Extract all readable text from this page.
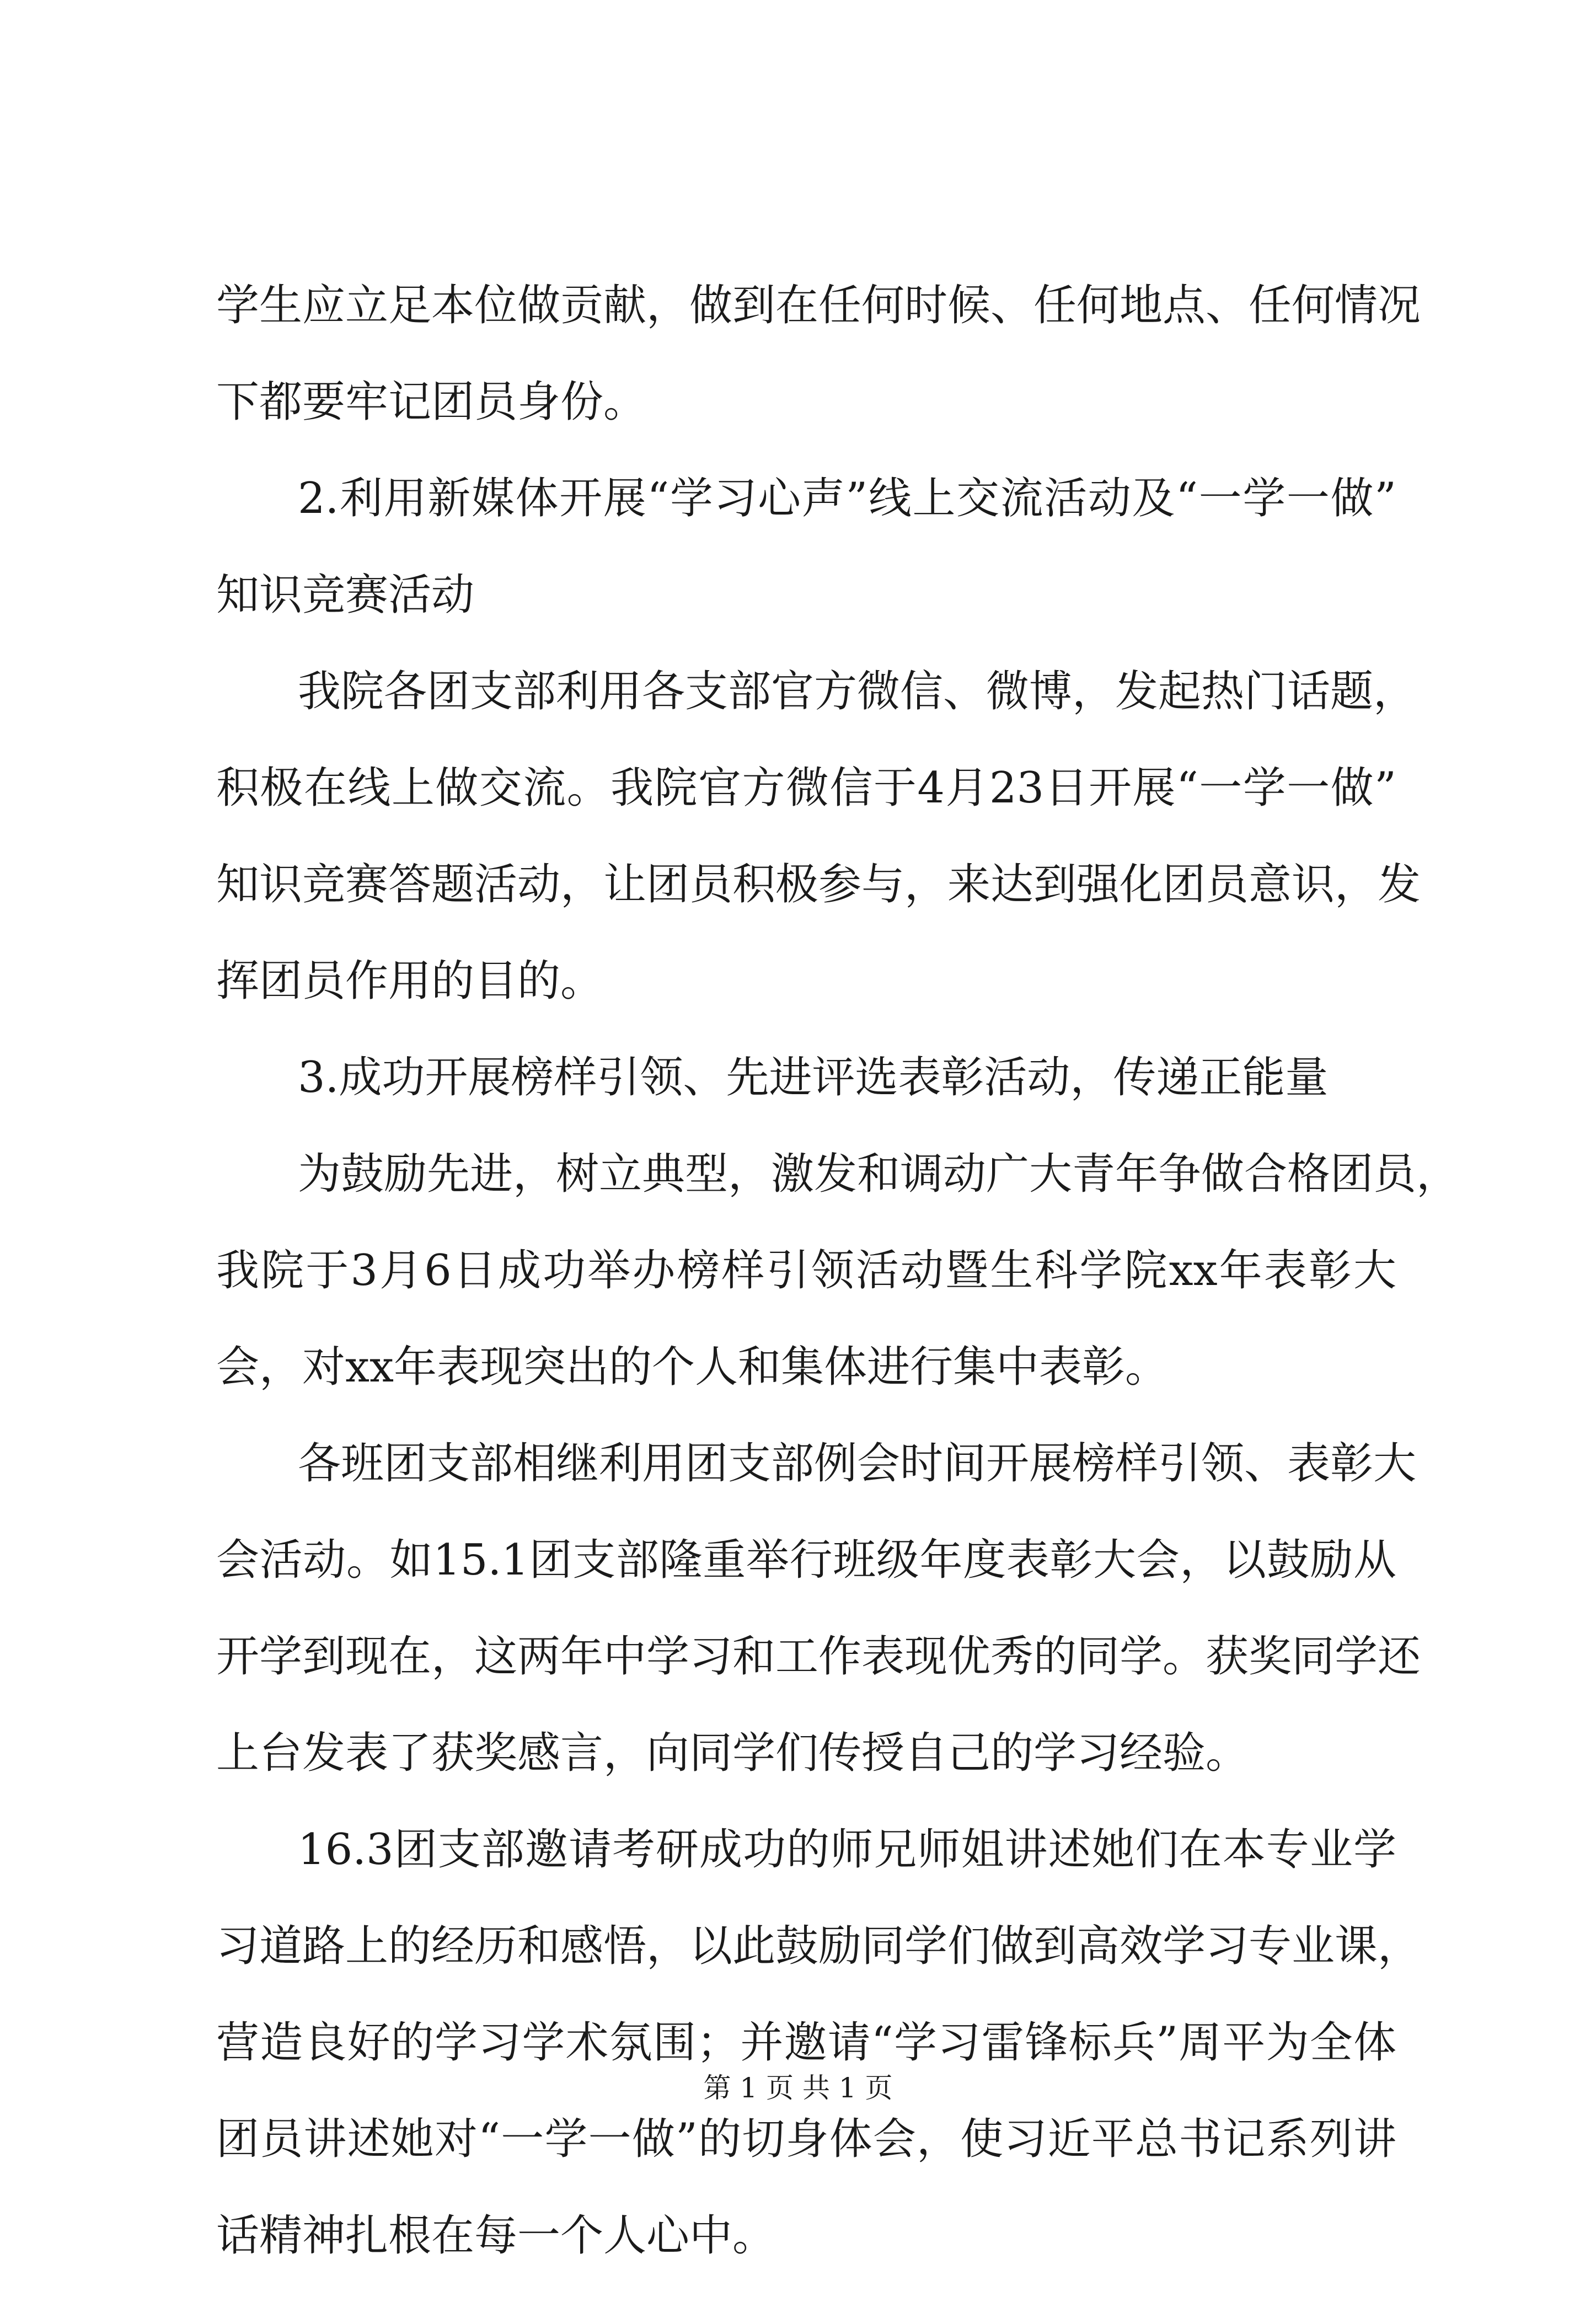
学生应立足本位做贡献，做到在任何时候、任何地点、任何情况
下都要牢记团员身份。
2.利用新媒体开展“学习心声”线上交流活动及“一学一做”
知识竞赛活动
我院各团支部利用各支部官方微信、微博，发起热门话题，
积极在线上做交流。我院官方微信于4月23日开展“一学一做”
知识竞赛答题活动，让团员积极参与，来达到强化团员意识，发
挥团员作用的目的。
3.成功开展榜样引领、先进评选表彰活动，传递正能量
为鼓励先进，树立典型，激发和调动广大青年争做合格团员，
我院于3月6日成功举办榜样引领活动暨生科学院xx年表彰大
会，对xx年表现突出的个人和集体进行集中表彰。
各班团支部相继利用团支部例会时间开展榜样引领、表彰大
会活动。如15.1团支部隆重举行班级年度表彰大会，以鼓励从
开学到现在，这两年中学习和工作表现优秀的同学。获奖同学还
上台发表了获奖感言，向同学们传授自己的学习经验。
16.3团支部邀请考研成功的师兄师姐讲述她们在本专业学
习道路上的经历和感悟，以此鼓励同学们做到高效学习专业课，
营造良好的学习学术氛围；并邀请“学习雷锋标兵”周平为全体
团员讲述她对“一学一做”的切身体会，使习近平总书记系列讲
话精神扎根在每一个人心中。
第 1 页 共 1 页
